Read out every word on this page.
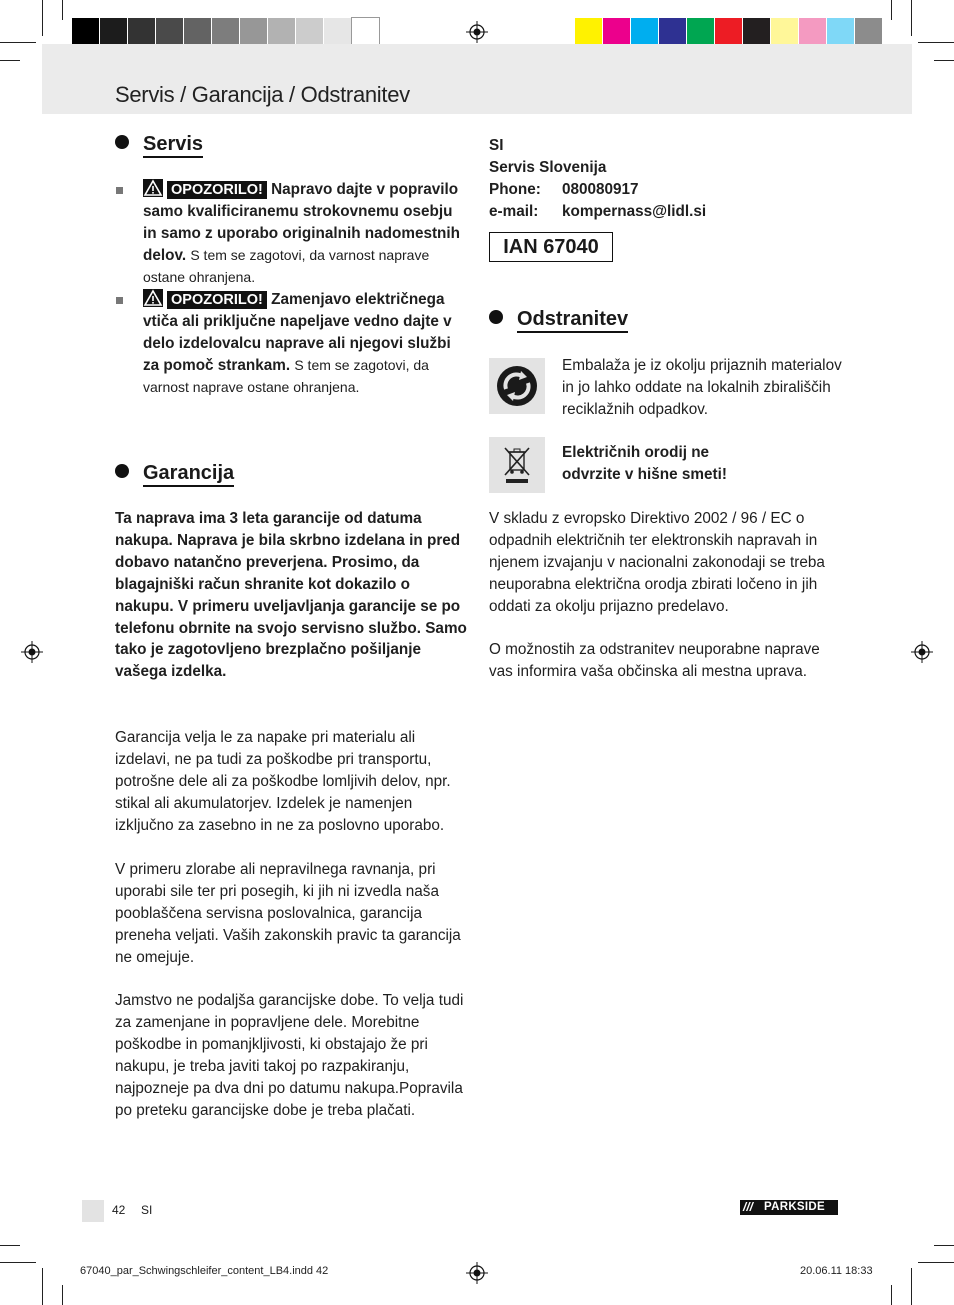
Servis / Garancija / Odstranitev
Servis
OPOZORILO! Napravo dajte v popravilo samo kvalificiranemu strokovnemu osebju in samo z uporabo originalnih nadomestnih delov. S tem se zagotovi, da varnost naprave ostane ohranjena.
OPOZORILO! Zamenjavo električnega vtiča ali priključne napeljave vedno dajte v delo izdelovalcu naprave ali njegovi službi za pomoč strankam. S tem se zagotovi, da varnost naprave ostane ohranjena.
Garancija
Ta naprava ima 3 leta garancije od datuma nakupa. Naprava je bila skrbno izdelana in pred dobavo natančno preverjena. Prosimo, da blagajniški račun shranite kot dokazilo o nakupu. V primeru uveljavljanja garancije se po telefonu obrnite na svojo servisno službo. Samo tako je zagotovljeno brezplačno pošiljanje vašega izdelka.
Garancija velja le za napake pri materialu ali izdelavi, ne pa tudi za poškodbe pri transportu, potrošne dele ali za poškodbe lomljivih delov, npr. stikal ali akumulatorjev. Izdelek je namenjen izključno za zasebno in ne za poslovno uporabo.
V primeru zlorabe ali nepravilnega ravnanja, pri uporabi sile ter pri posegih, ki jih ni izvedla naša pooblaščena servisna poslovalnica, garancija preneha veljati. Vaših zakonskih pravic ta garancija ne omejuje.
Jamstvo ne podaljša garancijske dobe. To velja tudi za zamenjane in popravljene dele. Morebitne poškodbe in pomanjkljivosti, ki obstajajo že pri nakupu, je treba javiti takoj po razpakiranju, najpozneje pa dva dni po datumu nakupa.Popravila po preteku garancijske dobe je treba plačati.
SI
Servis Slovenija
Phone: 080080917
e-mail: kompernass@lidl.si
IAN 67040
Odstranitev
Embalaža je iz okolju prijaznih materialov in jo lahko oddate na lokalnih zbirališčih reciklažnih odpadkov.
Električnih orodij ne odvrzite v hišne smeti!
V skladu z evropsko Direktivo 2002 / 96 / EC o odpadnih električnih ter elektronskih napravah in njenem izvajanju v nacionalni zakonodaji se treba neuporabna električna orodja zbirati ločeno in jih oddati za okolju prijazno predelavo.
O možnostih za odstranitev neuporabne naprave vas informira vaša občinska ali mestna uprava.
42 SI	/// PARKSIDE
67040_par_Schwingschleifer_content_LB4.indd 42	20.06.11 18:33
